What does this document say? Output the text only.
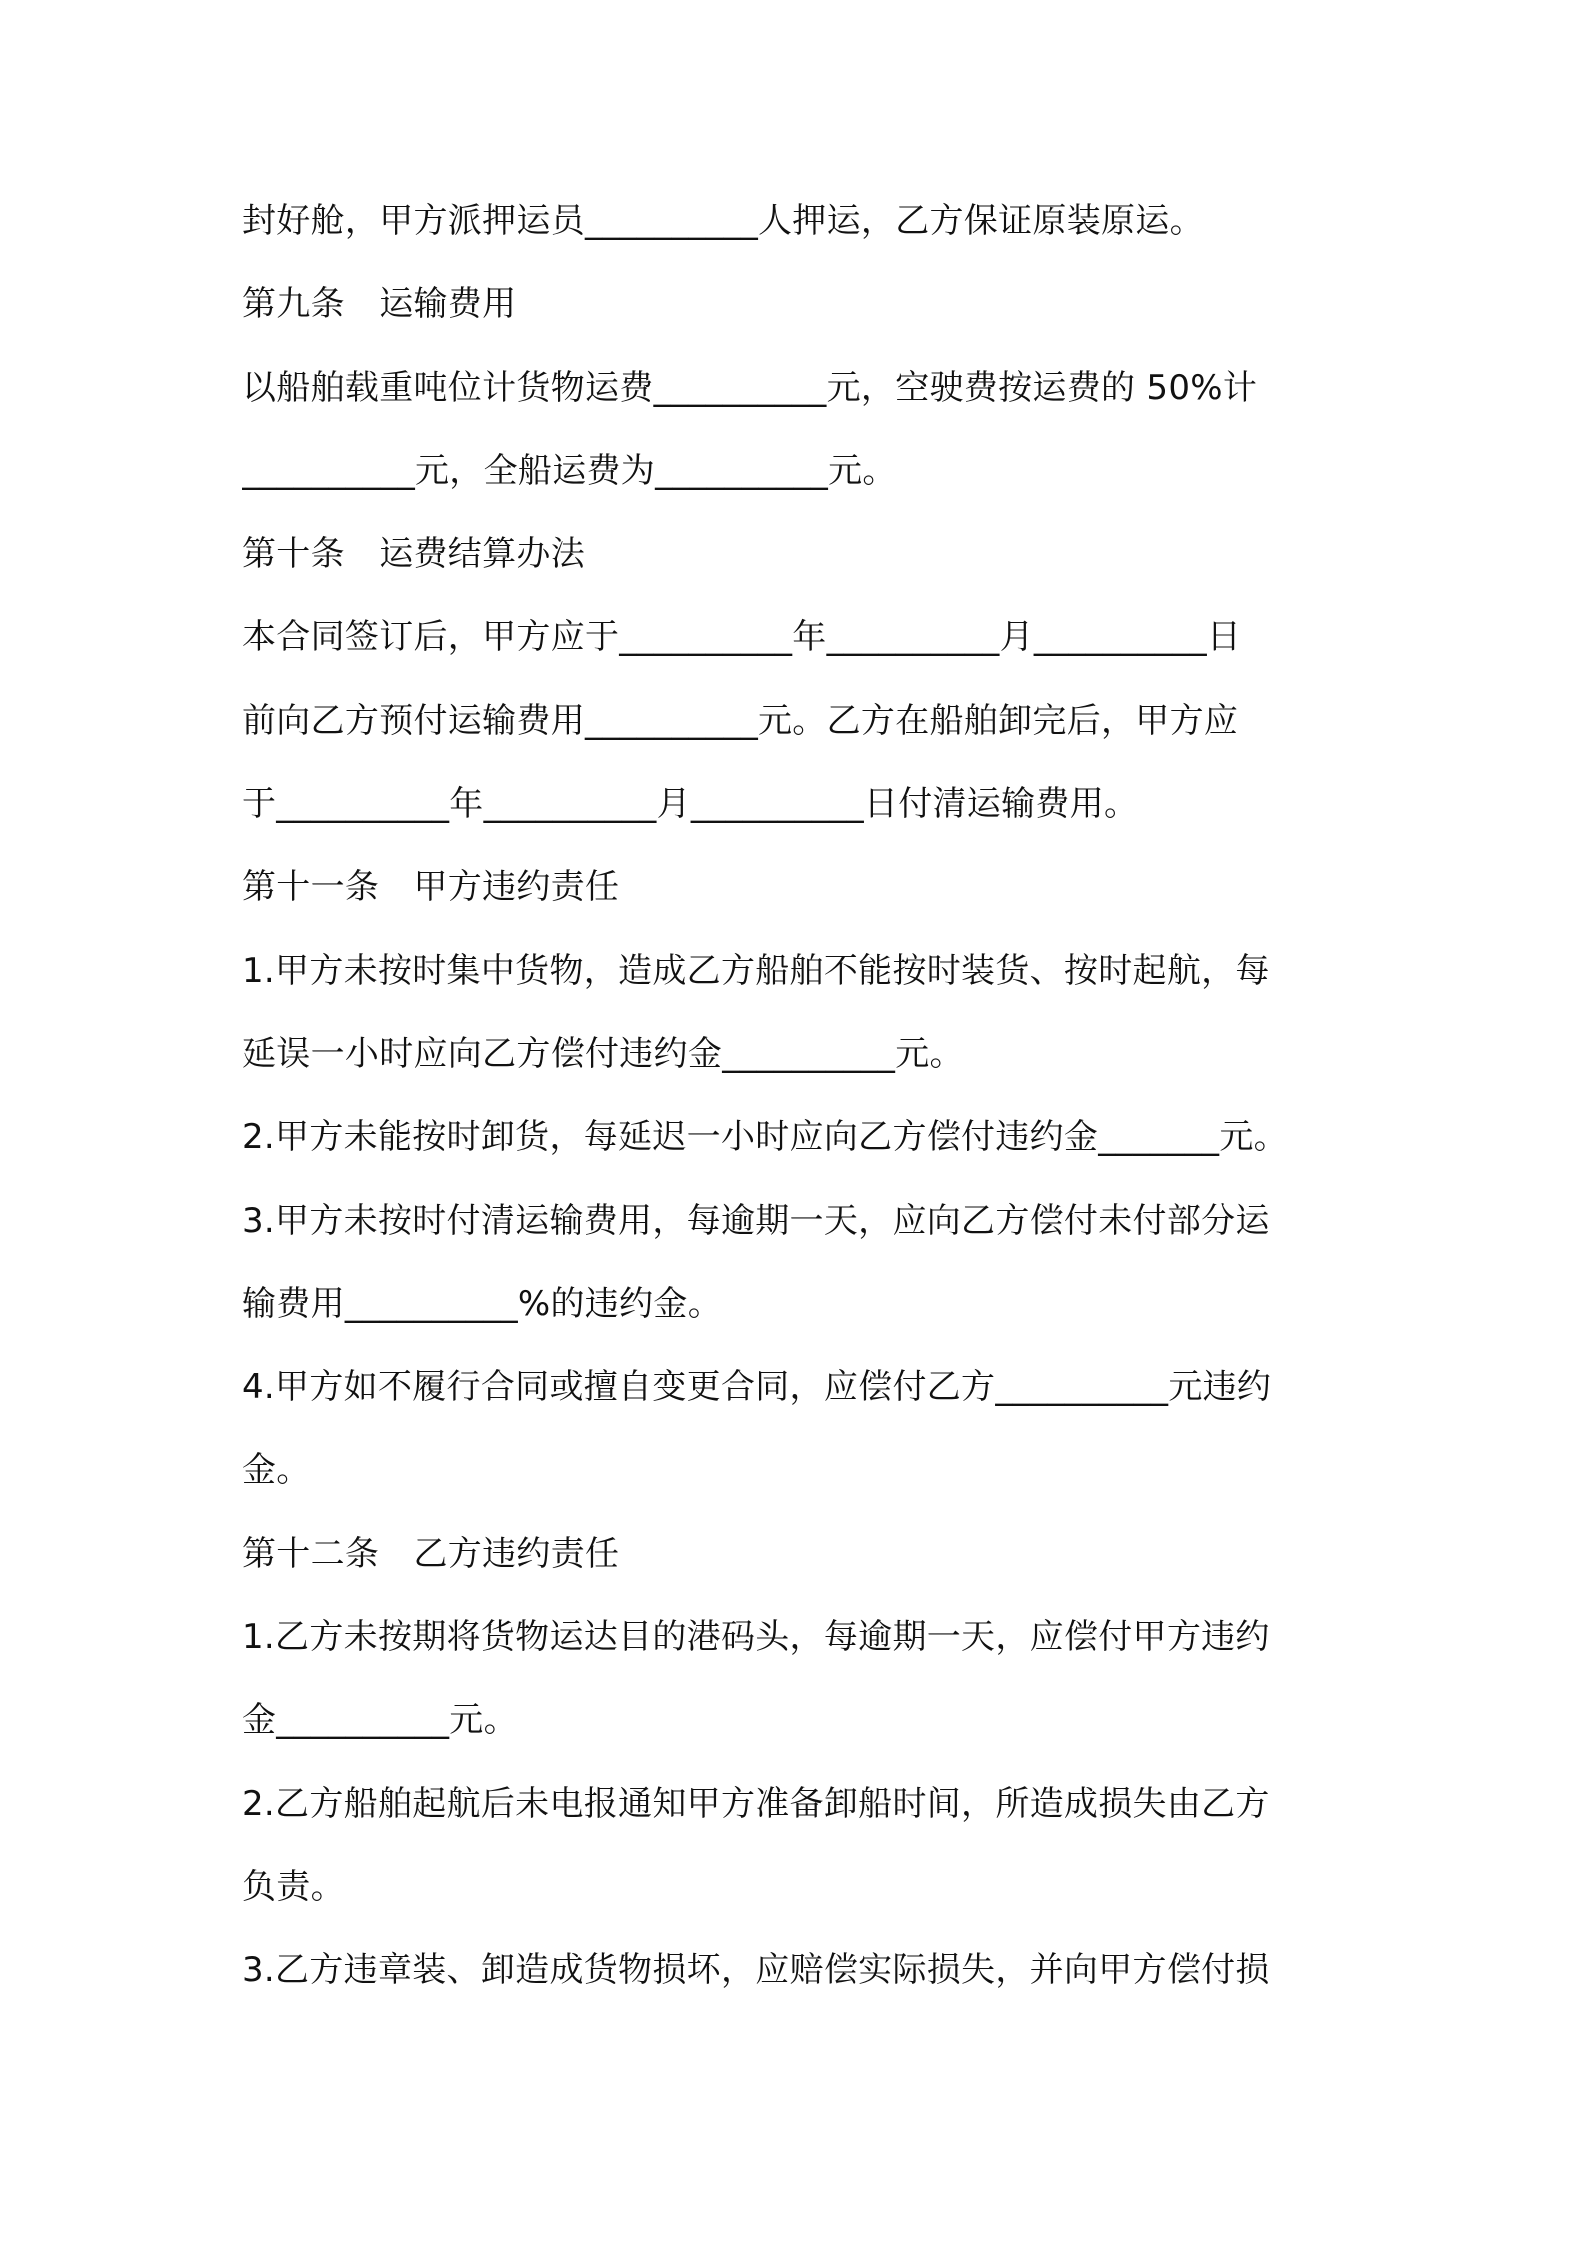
封好舱，甲方派押运员__________人押运，乙方保证原装原运。
第九条　运输费用
以船舶载重吨位计货物运费__________元，空驶费按运费的 50%计
__________元，全船运费为__________元。
第十条　运费结算办法
本合同签订后，甲方应于__________年__________月__________日
前向乙方预付运输费用__________元。乙方在船舶卸完后，甲方应
于__________年__________月__________日付清运输费用。
第十一条　甲方违约责任
1.甲方未按时集中货物，造成乙方船舶不能按时装货、按时起航，每
延误一小时应向乙方偿付违约金__________元。
2.甲方未能按时卸货，每延迟一小时应向乙方偿付违约金_______元。
3.甲方未按时付清运输费用，每逾期一天，应向乙方偿付未付部分运
输费用__________%的违约金。
4.甲方如不履行合同或擅自变更合同，应偿付乙方__________元违约
金。
第十二条　乙方违约责任
1.乙方未按期将货物运达目的港码头，每逾期一天，应偿付甲方违约
金__________元。
2.乙方船舶起航后未电报通知甲方准备卸船时间，所造成损失由乙方
负责。
3.乙方违章装、卸造成货物损坏，应赔偿实际损失，并向甲方偿付损
